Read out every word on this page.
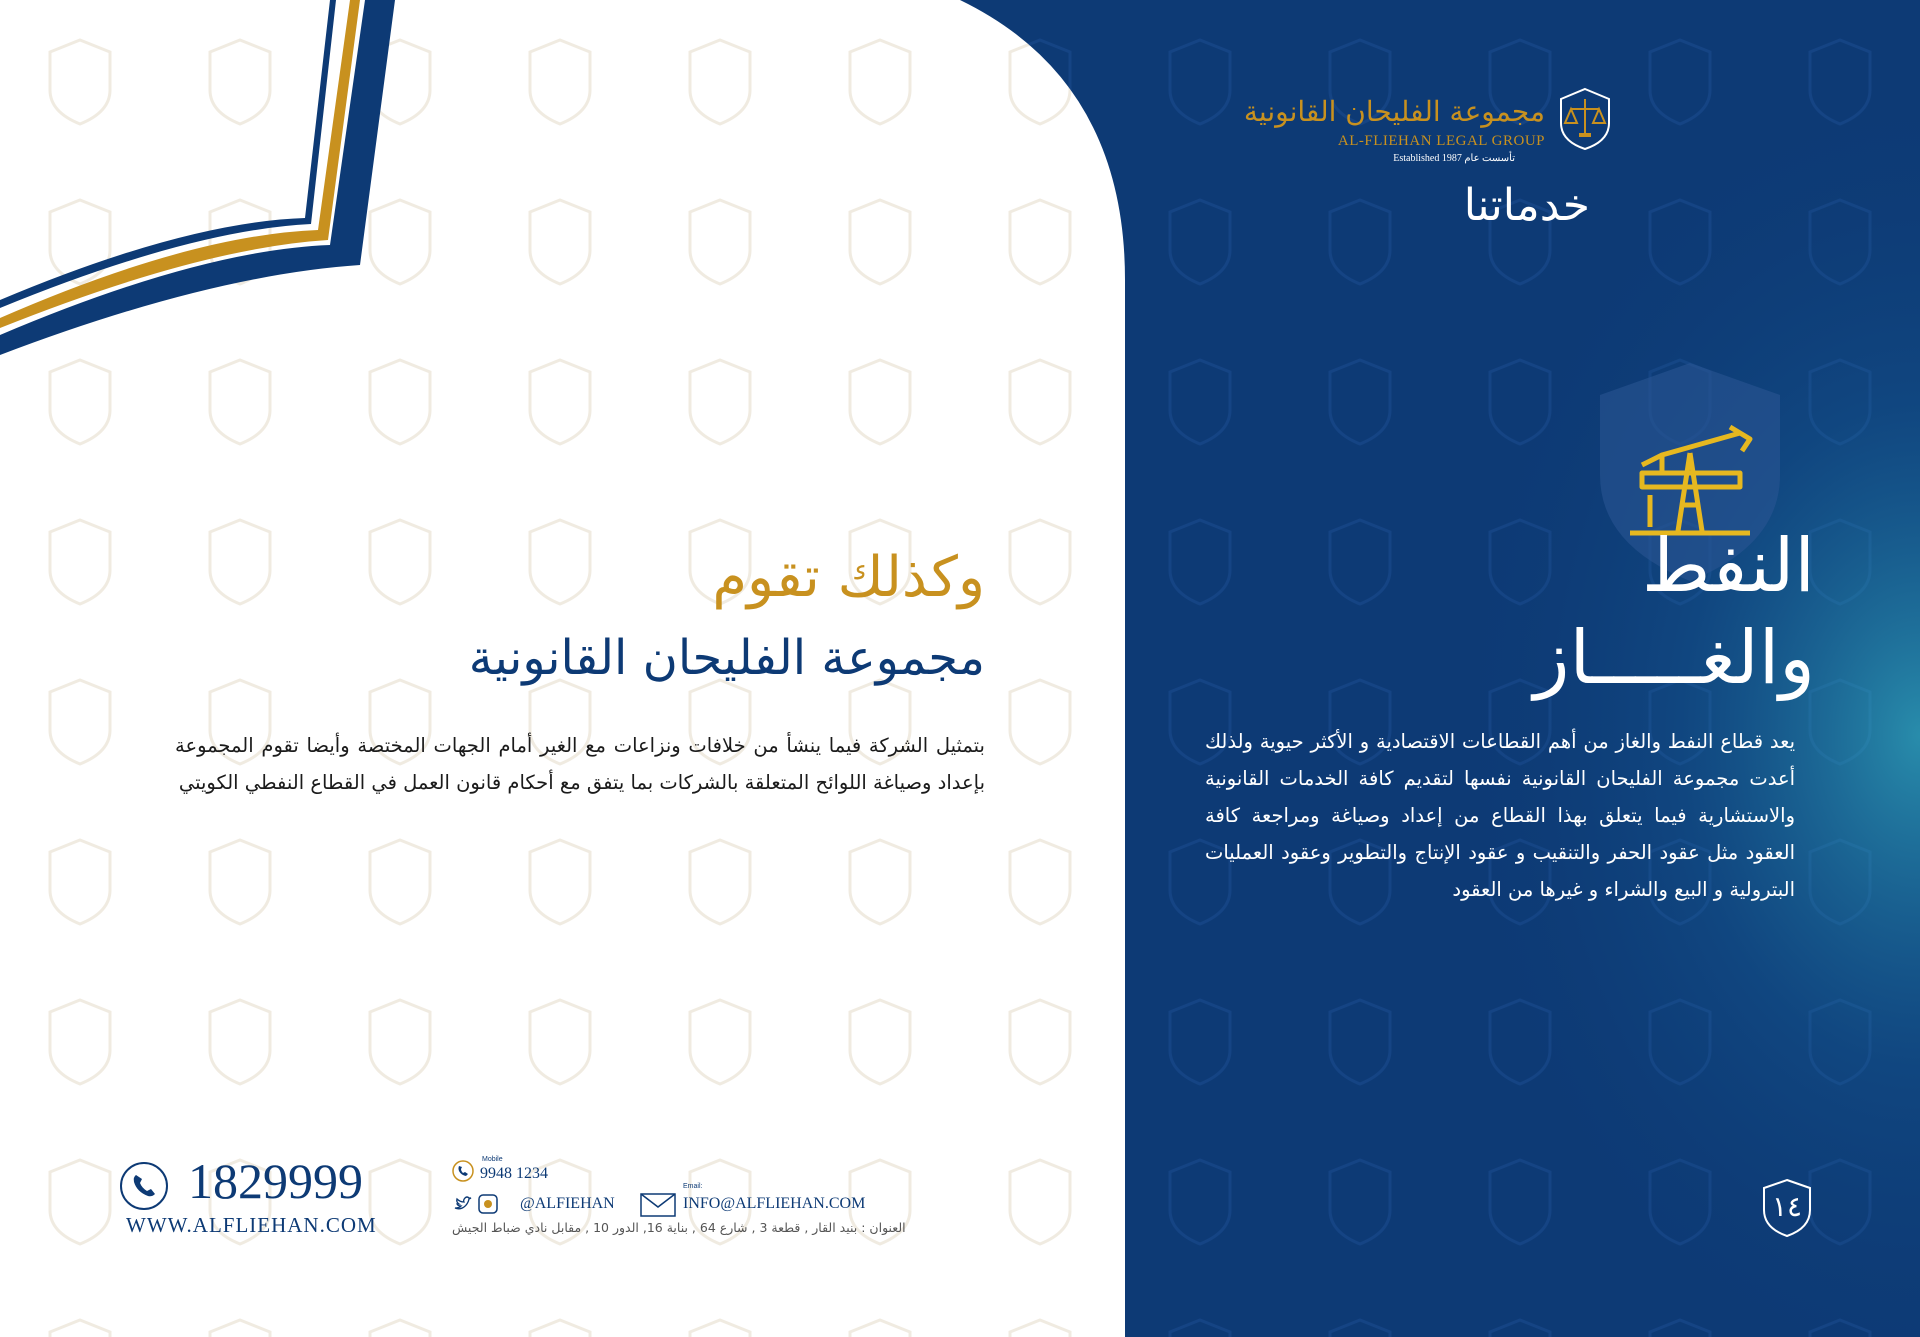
مجموعة الفليحان القانونية
AL-FLIEHAN LEGAL GROUP
Established 1987 تأسست عام
خدماتنا
النفط
والغـــــاز
يعد قطاع النفط والغاز من أهم القطاعات الاقتصادية و الأكثر حيوية ولذلك أعدت مجموعة الفليحان القانونية نفسها لتقديم كافة الخدمات القانونية والاستشارية فيما يتعلق بهذا القطاع من إعداد وصياغة ومراجعة كافة العقود مثل عقود الحفر والتنقيب و عقود الإنتاج والتطوير وعقود العمليات البترولية و البيع والشراء و غيرها من العقود
وكذلك تقوم
مجموعة الفليحان القانونية
بتمثيل الشركة فيما ينشأ من خلافات ونزاعات مع الغير أمام الجهات المختصة وأيضا تقوم المجموعة بإعداد وصياغة اللوائح المتعلقة بالشركات بما يتفق مع أحكام قانون العمل في القطاع النفطي الكويتي
1829999
WWW.ALFLIEHAN.COM
Mobile
9948 1234
@ALFIEHAN
Email:
INFO@ALFLIEHAN.COM
العنوان : بنيد القار , قطعة 3 , شارع 64 , بناية 16, الدور 10 , مقابل نادي ضباط الجيش
١٤
